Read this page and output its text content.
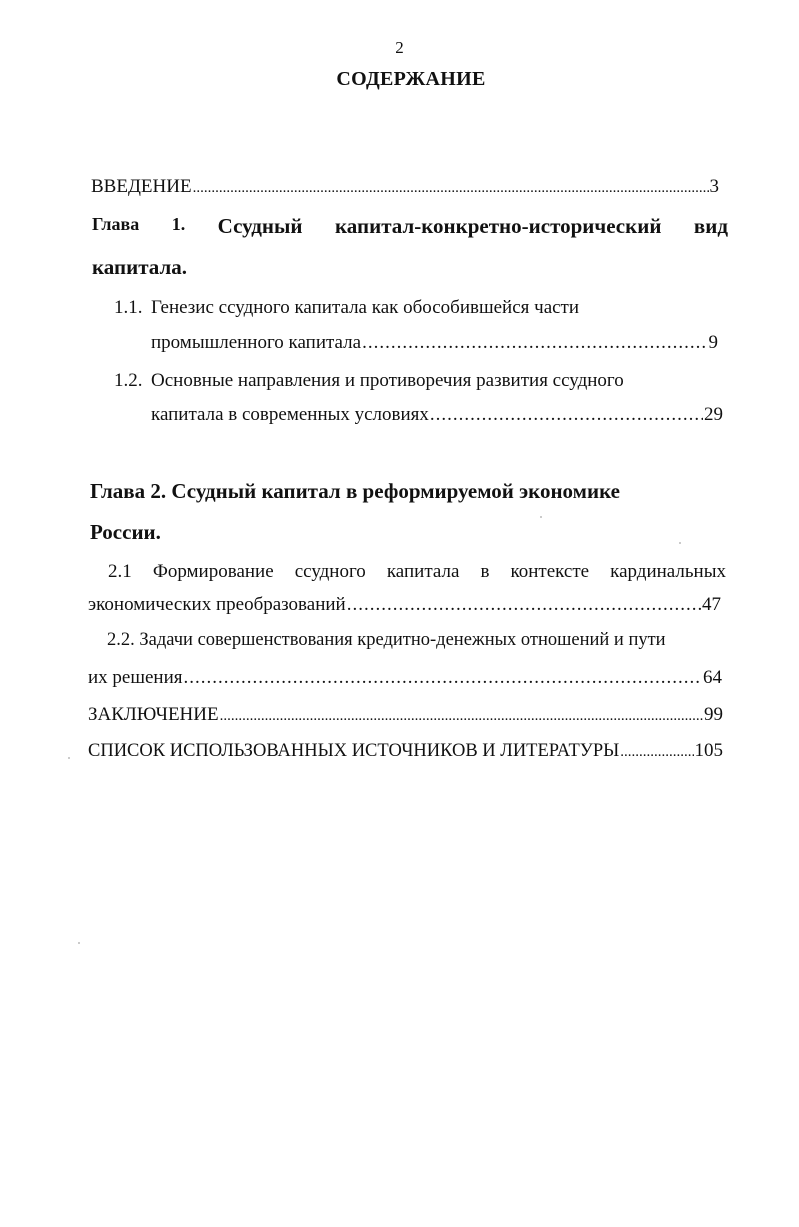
2
СОДЕРЖАНИЕ
ВВЕДЕНИЕ .....	3
Глава 1. Ссудный капитал-конкретно-исторический вид
капитала.
1.1. Генезис ссудного капитала как обособившейся части
промышленного капитала .....	9
1.2. Основные направления и противоречия развития ссудного
капитала в современных условиях .....	29
Глава 2. Ссудный капитал в реформируемой экономике
России.
2.1 Формирование ссудного капитала в контексте кардинальных
экономических преобразований .....	47
2.2. Задачи совершенствования кредитно-денежных отношений и пути
их решения .....	64
ЗАКЛЮЧЕНИЕ .....	99
СПИСОК ИСПОЛЬЗОВАННЫХ ИСТОЧНИКОВ И ЛИТЕРАТУРЫ .....	105
